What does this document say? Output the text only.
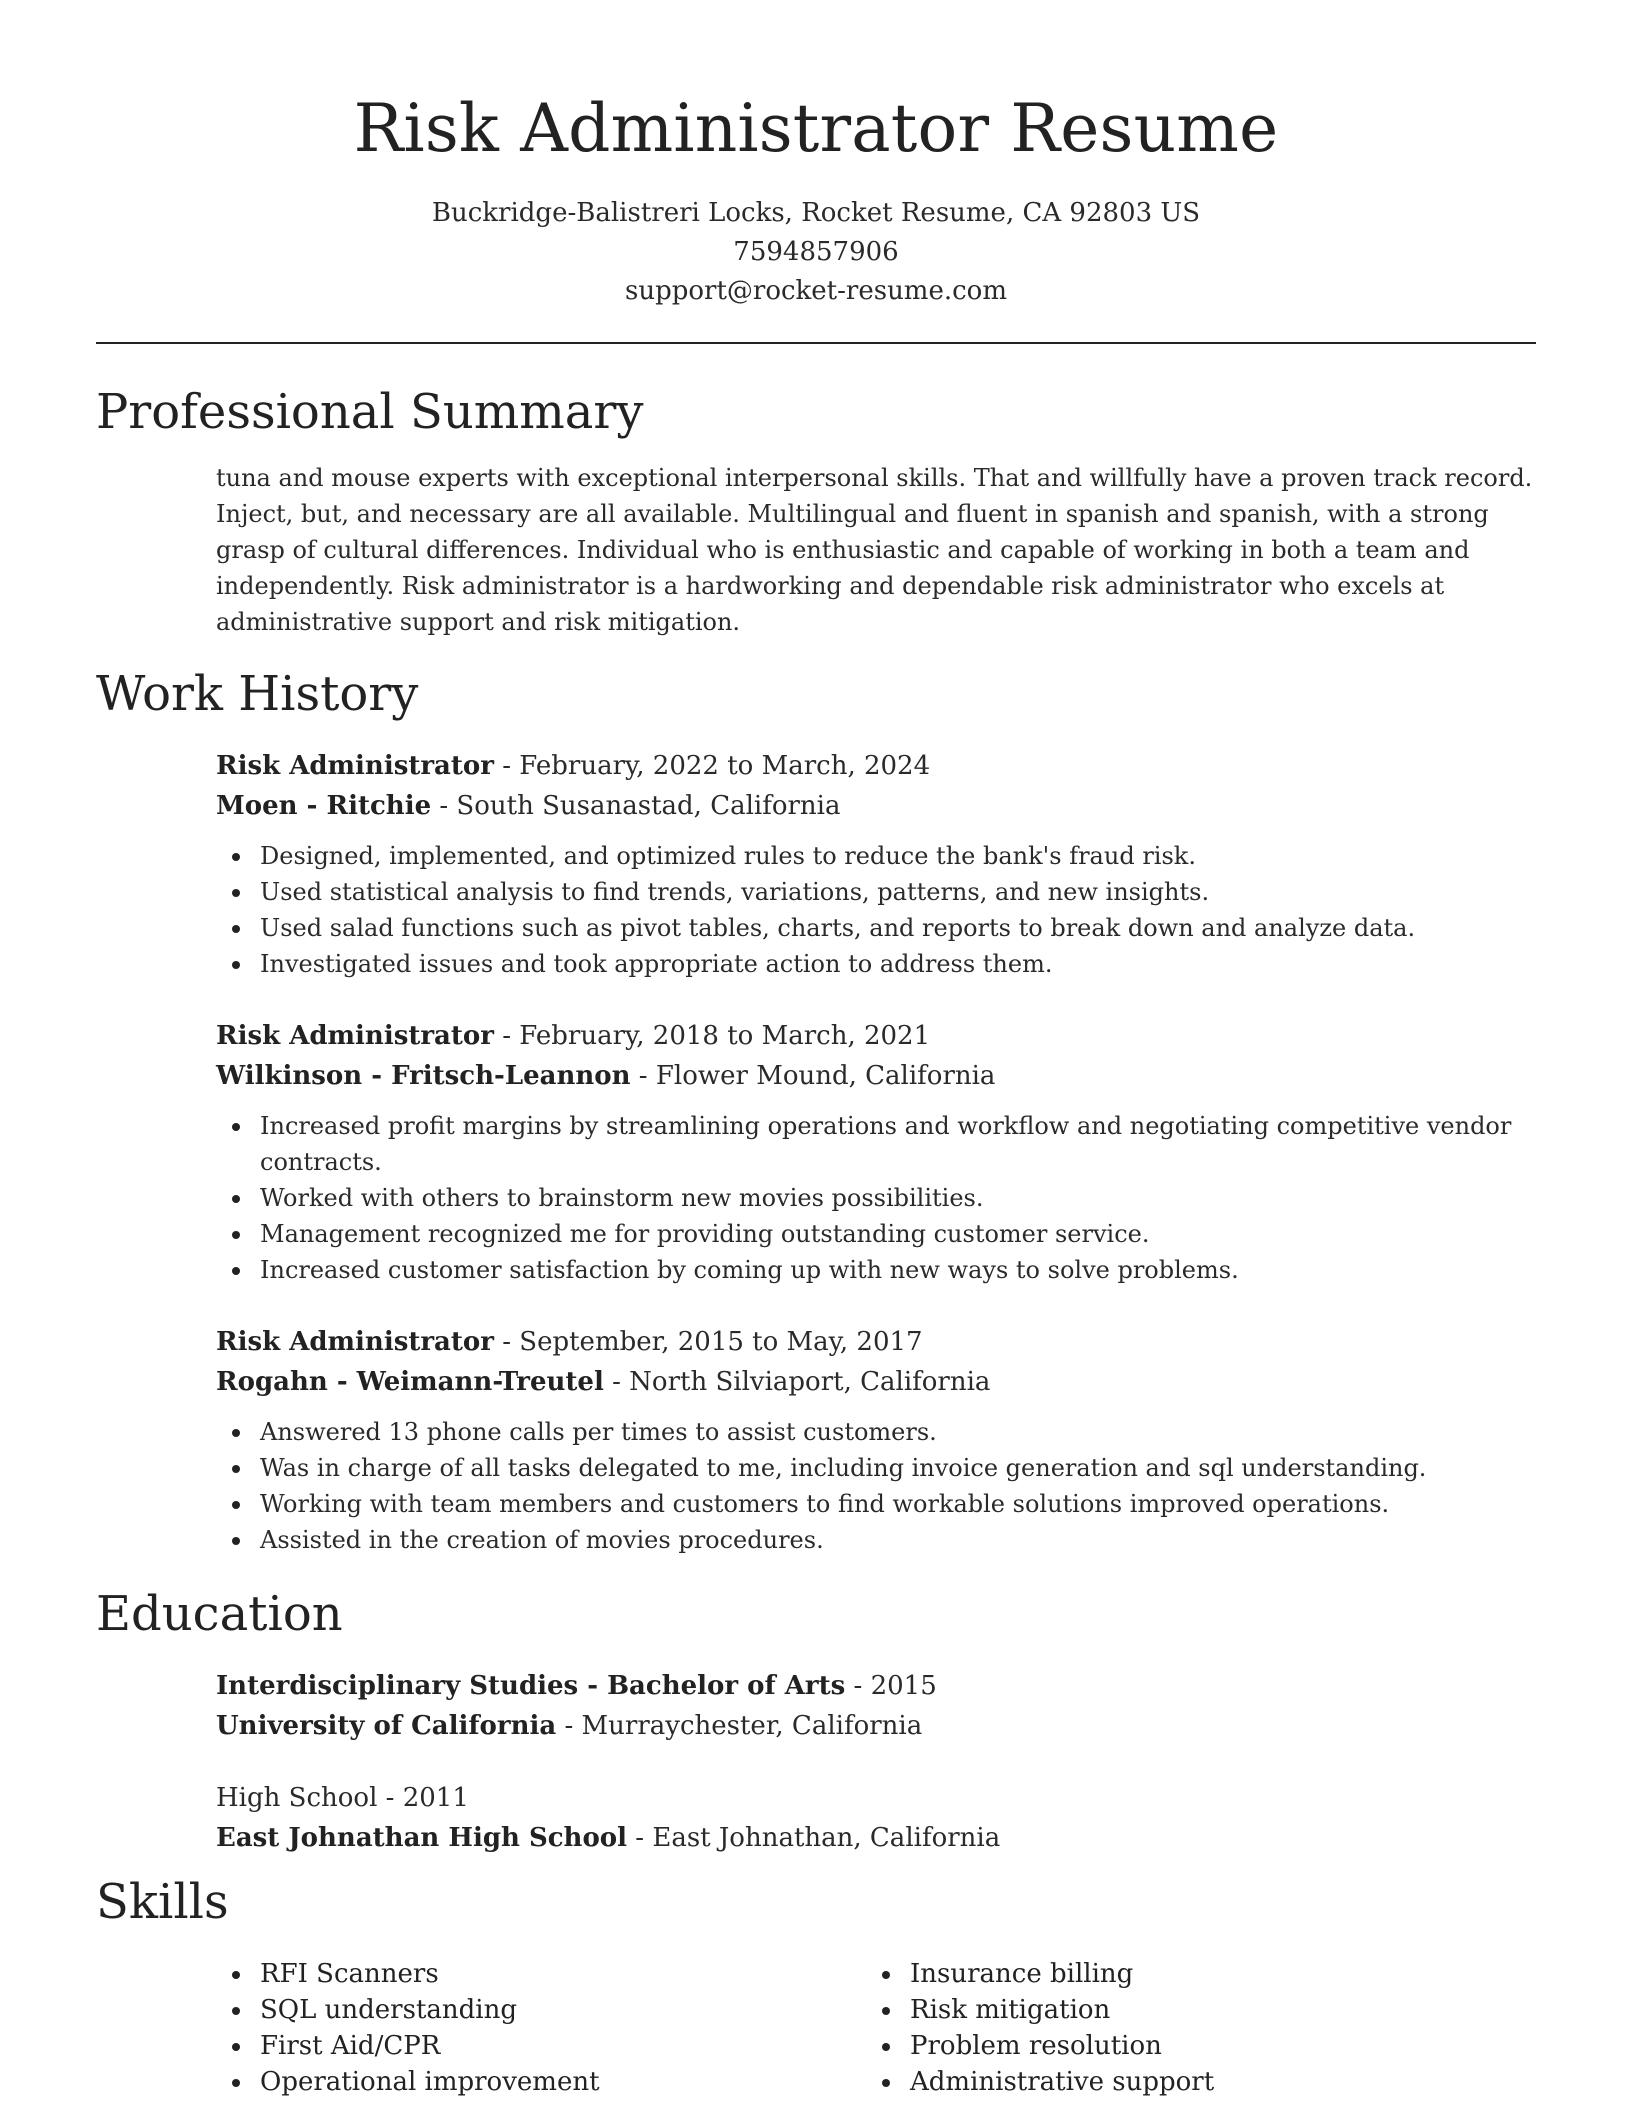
Risk Administrator Resume
Buckridge-Balistreri Locks, Rocket Resume, CA 92803 US
7594857906
support@rocket-resume.com
Professional Summary

tuna and mouse experts with exceptional interpersonal skills. That and willfully have a proven track record. Inject, but, and necessary are all available. Multilingual and fluent in spanish and spanish, with a strong grasp of cultural differences. Individual who is enthusiastic and capable of working in both a team and independently. Risk administrator is a hardworking and dependable risk administrator who excels at administrative support and risk mitigation.

Work History

Risk Administrator - February, 2022 to March, 2024

Moen - Ritchie - South Susanastad, California

Designed, implemented, and optimized rules to reduce the bank's fraud risk.
Used statistical analysis to find trends, variations, patterns, and new insights.
Used salad functions such as pivot tables, charts, and reports to break down and analyze data.
Investigated issues and took appropriate action to address them.

Risk Administrator - February, 2018 to March, 2021

Wilkinson - Fritsch-Leannon - Flower Mound, California

Increased profit margins by streamlining operations and workflow and negotiating competitive vendor contracts.
Worked with others to brainstorm new movies possibilities.
Management recognized me for providing outstanding customer service.
Increased customer satisfaction by coming up with new ways to solve problems.

Risk Administrator - September, 2015 to May, 2017

Rogahn - Weimann-Treutel - North Silviaport, California

Answered 13 phone calls per times to assist customers.
Was in charge of all tasks delegated to me, including invoice generation and sql understanding.
Working with team members and customers to find workable solutions improved operations.
Assisted in the creation of movies procedures.
Education

Interdisciplinary Studies - Bachelor of Arts - 2015

University of California - Murraychester, California

High School - 2011

East Johnathan High School - East Johnathan, California

Skills
RFI Scanners
SQL understanding
First Aid/CPR
Operational improvement
Insurance billing
Risk mitigation
Problem resolution
Administrative support
